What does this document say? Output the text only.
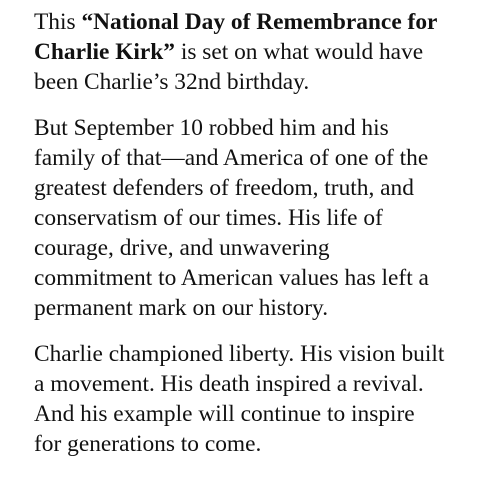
This “National Day of Remembrance for
Charlie Kirk” is set on what would have
been Charlie’s 32nd birthday.

But September 10 robbed him and his
family of that—and America of one of the
greatest defenders of freedom, truth, and
conservatism of our times. His life of
courage, drive, and unwavering
commitment to American values has left a
permanent mark on our history.

Charlie championed liberty. His vision built
a movement. His death inspired a revival.
And his example will continue to inspire
for generations to come.
